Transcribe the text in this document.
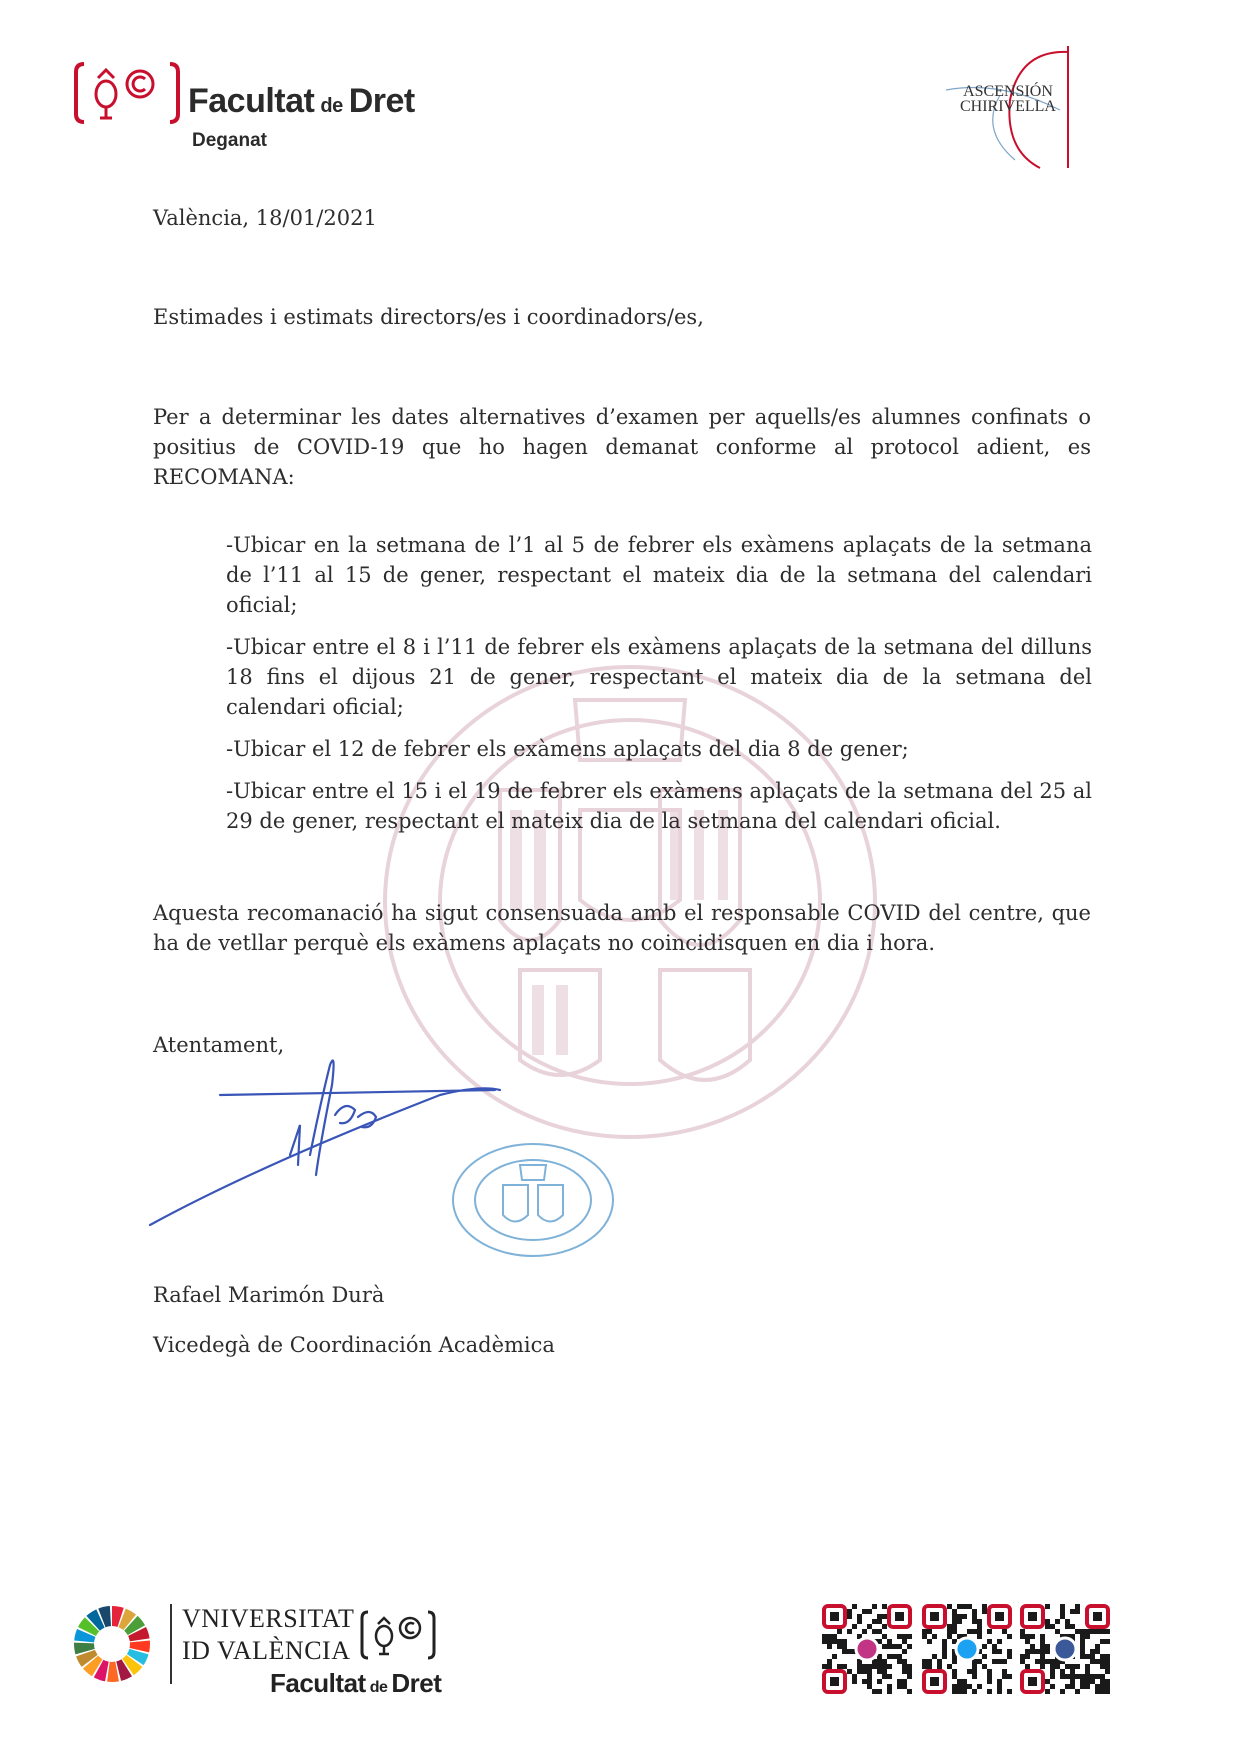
Facultat de Dret
Deganat
ASCENSIÓN
CHIRIVELLA
València, 18/01/2021
Estimades i estimats directors/es i coordinadors/es,
Per a determinar les dates alternatives d’examen per aquells/es alumnes confinats o positius de COVID-19 que ho hagen demanat conforme al protocol adient, es RECOMANA:

-Ubicar en la setmana de l’1 al 5 de febrer els exàmens aplaçats de la setmana de l’11 al 15 de gener, respectant el mateix dia de la setmana del calendari oficial;

-Ubicar entre el 8 i l’11 de febrer els exàmens aplaçats de la setmana del dilluns 18 fins el dijous 21 de gener, respectant el mateix dia de la setmana del calendari oficial;

-Ubicar el 12 de febrer els exàmens aplaçats del dia 8 de gener;

-Ubicar entre el 15 i el 19 de febrer els exàmens aplaçats de la setmana del 25 al 29 de gener, respectant el mateix dia de la setmana del calendari oficial.

Aquesta recomanació ha sigut consensuada amb el responsable COVID del centre, que ha de vetllar perquè els exàmens aplaçats no coincidisquen en dia i hora.
Atentament,
Rafael Marimón Durà
Vicedegà de Coordinación Acadèmica
VNIVERSITAT
ID VALÈNCIA
Facultat de Dret
